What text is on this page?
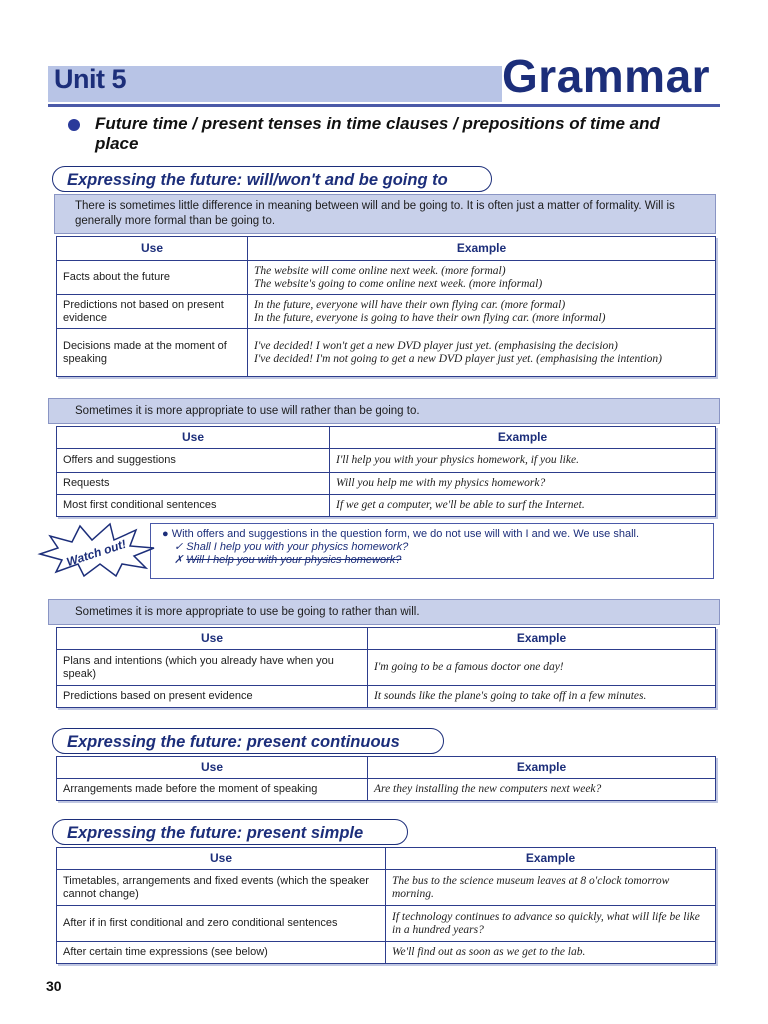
Unit 5	Grammar
Future time / present tenses in time clauses / prepositions of time and place
Expressing the future: will/won't and be going to
There is sometimes little difference in meaning between will and be going to. It is often just a matter of formality. Will is generally more formal than be going to.
Use	Example
Facts about the future	The website will come online next week. (more formal)
The website's going to come online next week. (more informal)
Predictions not based on present evidence	In the future, everyone will have their own flying car. (more formal)
In the future, everyone is going to have their own flying car. (more informal)
Decisions made at the moment of speaking	I've decided! I won't get a new DVD player just yet. (emphasising the decision)
I've decided! I'm not going to get a new DVD player just yet. (emphasising the intention)
Sometimes it is more appropriate to use will rather than be going to.
Use	Example
Offers and suggestions	I'll help you with your physics homework, if you like.
Requests	Will you help me with my physics homework?
Most first conditional sentences	If we get a computer, we'll be able to surf the Internet.
Watch out!
● With offers and suggestions in the question form, we do not use will with I and we. We use shall.
✓ Shall I help you with your physics homework?
✗ Will I help you with your physics homework?
Sometimes it is more appropriate to use be going to rather than will.
Use	Example
Plans and intentions (which you already have when you speak)	I'm going to be a famous doctor one day!
Predictions based on present evidence	It sounds like the plane's going to take off in a few minutes.
Expressing the future: present continuous
Use	Example
Arrangements made before the moment of speaking	Are they installing the new computers next week?
Expressing the future: present simple
Use	Example
Timetables, arrangements and fixed events (which the speaker cannot change)	The bus to the science museum leaves at 8 o'clock tomorrow morning.
After if in first conditional and zero conditional sentences	If technology continues to advance so quickly, what will life be like in a hundred years?
After certain time expressions (see below)	We'll find out as soon as we get to the lab.
30
